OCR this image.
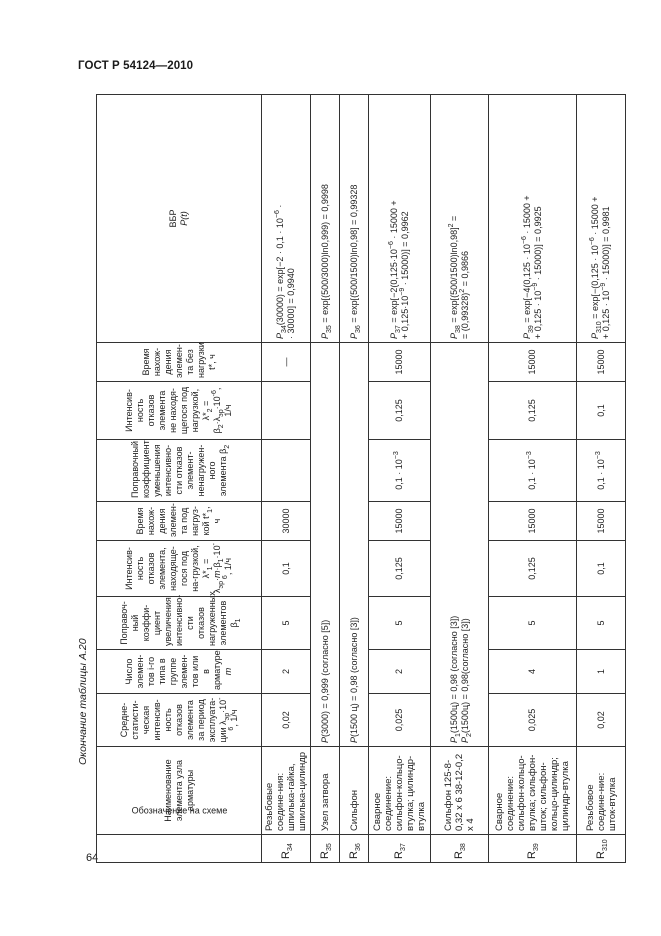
ГОСТ Р 54124—2010
64
Окончание таблицы А.20
Обозначение на схеме	Наименование элемента узла арматуры	Средне-статисти-ческая интенсив-ность отказов элемента за период эксплуата-ции $\lambda_{эр}\cdot 10^{-6}$, 1/ч	Число элемен-тов i-го типа в группе элемен-тов или в арматуре m	Поправоч-ный коэффи-циент увеличения интенсивно-сти отказов нагруженных элементов $\beta_1$	Интенсив-ность отказов элемента, находяще-гося под на-грузкой, $\lambda*_1 = \lambda_{эр}\cdot m\cdot\beta_1\cdot 10^{-6}$, 1/ч	Время нахож-дения элемен-та под нагруз-кой $t*_1$, ч	Поправочный коэффициент уменьшения интенсивно-сти отказов элемент-ненагружен-ного элемента $\beta_2$	Интенсив-ность отказов элемента не находя-щегося под нагрузкой, $\lambda*_2 = \beta_2\cdot\lambda_{эр}\cdot 10^{-6}$, 1/ч	Время нахож-дения элемен-та без нагрузки t*, ч	ВБР
P(t)
$R_{34}$	Резьбовые соедине-ния: шпилька-гайка, шпилька-цилиндр	0,02	2	5	0,1	30000			—	$P_{34}(30000) = \exp[-2 \cdot 0,1 \cdot 10^{-6}$ ·
· 30000] = 0,9940
$R_{35}$	Узел затвора	P(3000) = 0,999 (согласно [5])								$P_{35} = \exp[(500/3000)\ln 0,999) = 0,9998$
$R_{36}$	Сильфон	P(1500 ц) = 0,98 (согласно [3])								$P_{36} = \exp[(500/1500)\ln 0,98] = 0,99328$
$R_{37}$	Сварное соединение: сильфон-кольцо-втулка; цилиндр-втулка	0,025	2	5	0,125	15000	$0,1 \cdot 10^{-3}$	0,125	15000	$P_{37} = \exp[-2(0,125\cdot 10^{-6} \cdot 15000$ +
+ $0,125\cdot 10^{-9} \cdot 15000)] = 0,9962$
$R_{38}$	Сильфон 125-8-0,32 х 6 38-12-0,2 х 4	$P_1(1500ц) = 0,98$ (согласно [3])
$P_2(1500ц)$ = 0,98(согласно [3])								$P_{38} = \exp[(500/1500)\ln 0,98]^2$ =
= $(0,99328)^2 = 0,9866$
$R_{39}$	Сварное соединение: сильфон-кольцо-втулка; сильфон-шток; сильфон-кольцо-цилиндр; цилиндр-втулка	0,025	4	5	0,125	15000	$0,1 \cdot 10^{-3}$	0,125	15000	$P_{39} = \exp[-4(0,125 \cdot 10^{-6} \cdot 15000$ +
+ $0,125 \cdot 10^{-9} \cdot 15000)] = 0,9925$
$R_{310}$	Резьбовое соедине-ние: шток-втулка	0,02	1	5	0,1	15000	$0,1 \cdot 10^{-3}$	0,1	15000	$P_{310} = \exp[-(0,125 \cdot 10^{-6} \cdot 15000$ +
+ $0,125 \cdot 10^{-9} \cdot 15000)] = 0,9981$
